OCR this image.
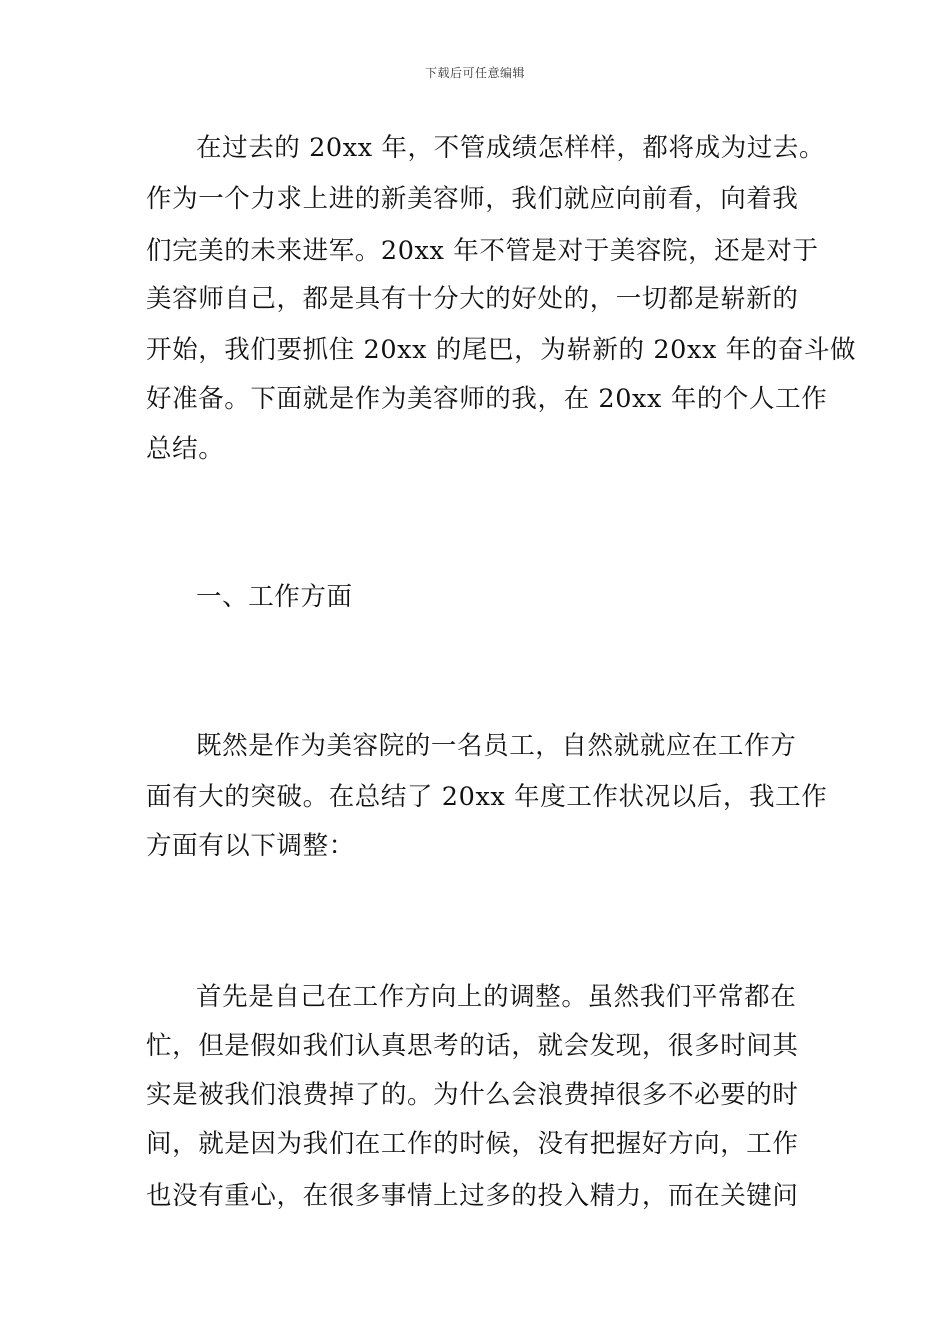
下载后可任意编辑
在过去的 20xx 年，不管成绩怎样样，都将成为过去。
作为一个力求上进的新美容师，我们就应向前看，向着我
们完美的未来进军。20xx 年不管是对于美容院，还是对于
美容师自己，都是具有十分大的好处的，一切都是崭新的
开始，我们要抓住 20xx 的尾巴，为崭新的 20xx 年的奋斗做
好准备。下面就是作为美容师的我，在 20xx 年的个人工作
总结。
一、工作方面
既然是作为美容院的一名员工，自然就就应在工作方
面有大的突破。在总结了 20xx 年度工作状况以后，我工作
方面有以下调整：
首先是自己在工作方向上的调整。虽然我们平常都在
忙，但是假如我们认真思考的话，就会发现，很多时间其
实是被我们浪费掉了的。为什么会浪费掉很多不必要的时
间，就是因为我们在工作的时候，没有把握好方向，工作
也没有重心，在很多事情上过多的投入精力，而在关键问
